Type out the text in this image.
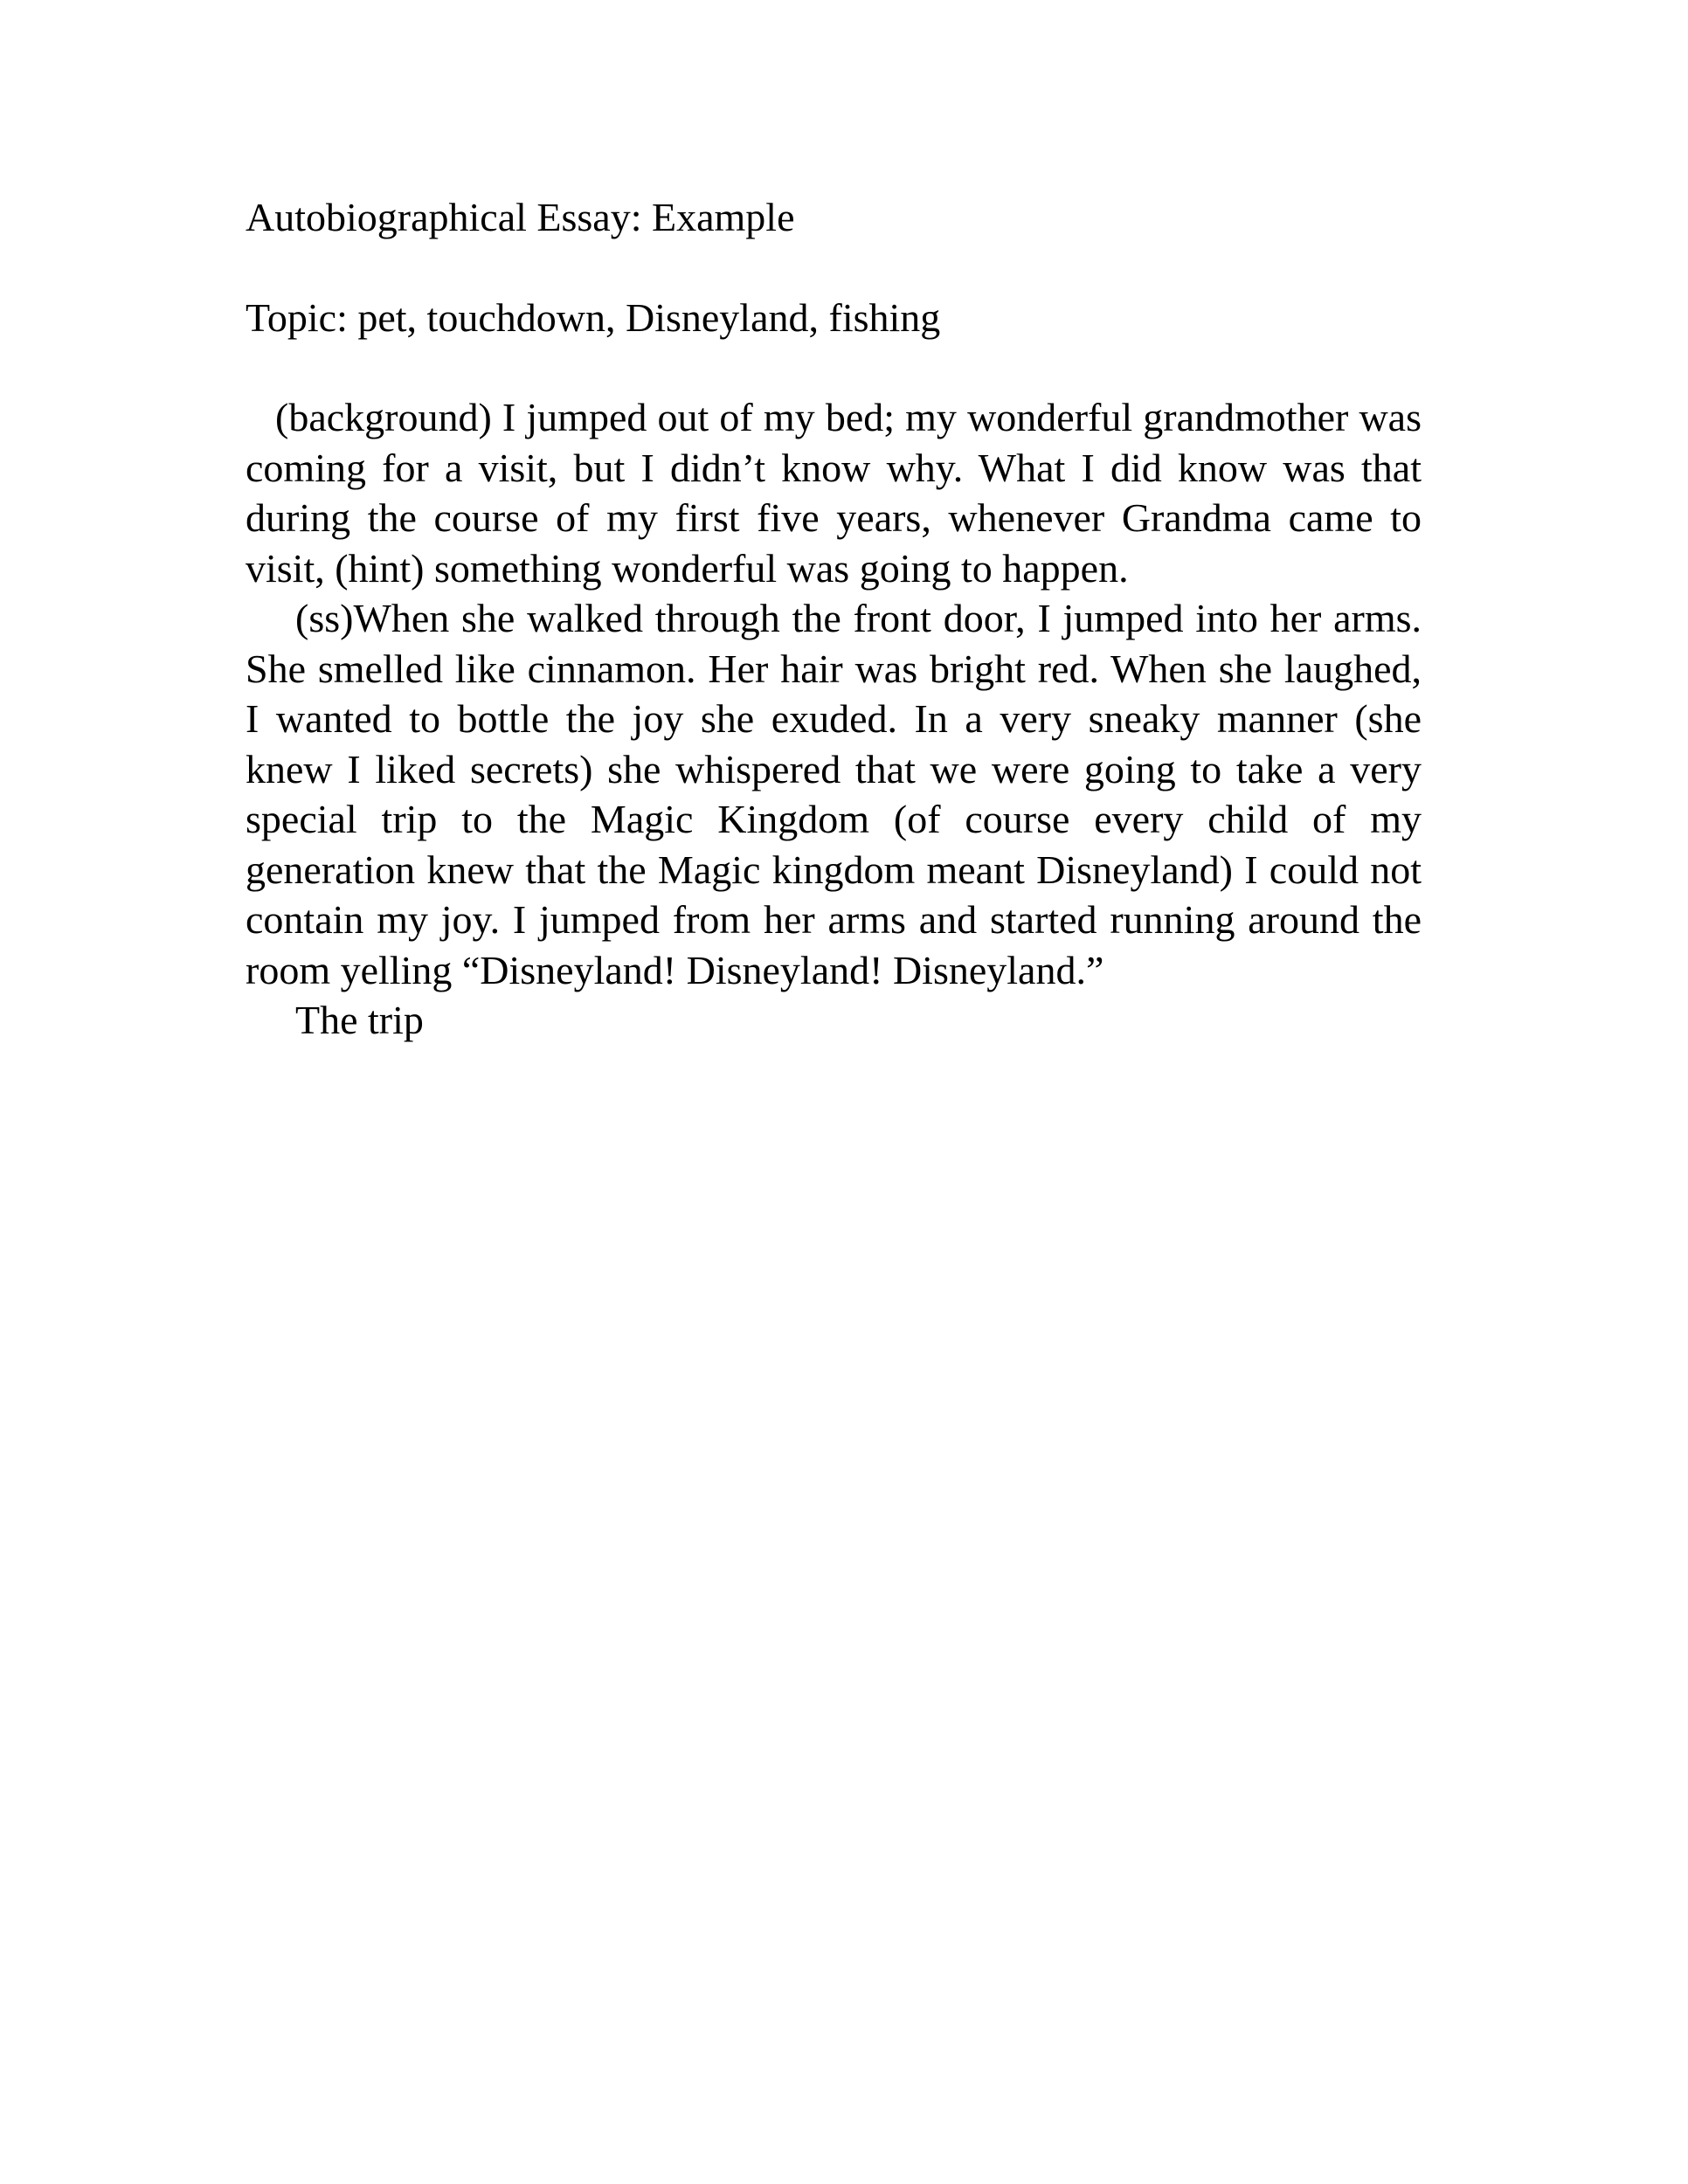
Autobiographical Essay: Example

Topic: pet, touchdown, Disneyland, fishing

(background) I jumped out of my bed; my wonderful grandmother was coming for a visit, but I didn’t know why. What I did know was that during the course of my first five years, whenever Grandma came to visit, (hint) something wonderful was going to happen.

(ss)When she walked through the front door, I jumped into her arms. She smelled like cinnamon. Her hair was bright red. When she laughed, I wanted to bottle the joy she exuded. In a very sneaky manner (she knew I liked secrets) she whispered that we were going to take a very special trip to the Magic Kingdom (of course every child of my generation knew that the Magic kingdom meant Disneyland) I could not contain my joy. I jumped from her arms and started running around the room yelling “Disneyland! Disneyland! Disneyland.”

The trip
